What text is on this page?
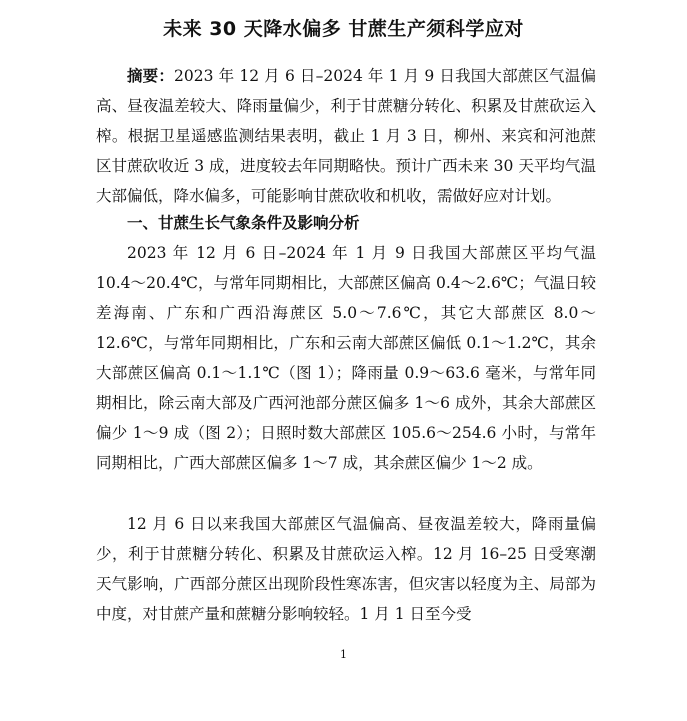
未来 30 天降水偏多 甘蔗生产须科学应对
摘要：2023 年 12 月 6 日–2024 年 1 月 9 日我国大部蔗区气温偏高、昼夜温差较大、降雨量偏少，利于甘蔗糖分转化、积累及甘蔗砍运入榨。根据卫星遥感监测结果表明，截止 1 月 3 日，柳州、来宾和河池蔗区甘蔗砍收近 3 成，进度较去年同期略快。预计广西未来 30 天平均气温大部偏低，降水偏多，可能影响甘蔗砍收和机收，需做好应对计划。
一、甘蔗生长气象条件及影响分析
2023 年 12 月 6 日–2024 年 1 月 9 日我国大部蔗区平均气温 10.4～20.4℃，与常年同期相比，大部蔗区偏高 0.4～2.6℃；气温日较差海南、广东和广西沿海蔗区 5.0～7.6℃，其它大部蔗区 8.0～12.6℃，与常年同期相比，广东和云南大部蔗区偏低 0.1～1.2℃，其余大部蔗区偏高 0.1～1.1℃（图 1）；降雨量 0.9～63.6 毫米，与常年同期相比，除云南大部及广西河池部分蔗区偏多 1～6 成外，其余大部蔗区偏少 1～9 成（图 2）；日照时数大部蔗区 105.6～254.6 小时，与常年同期相比，广西大部蔗区偏多 1～7 成，其余蔗区偏少 1～2 成。
12 月 6 日以来我国大部蔗区气温偏高、昼夜温差较大，降雨量偏少，利于甘蔗糖分转化、积累及甘蔗砍运入榨。12 月 16–25 日受寒潮天气影响，广西部分蔗区出现阶段性寒冻害，但灾害以轻度为主、局部为中度，对甘蔗产量和蔗糖分影响较轻。1 月 1 日至今受
1
